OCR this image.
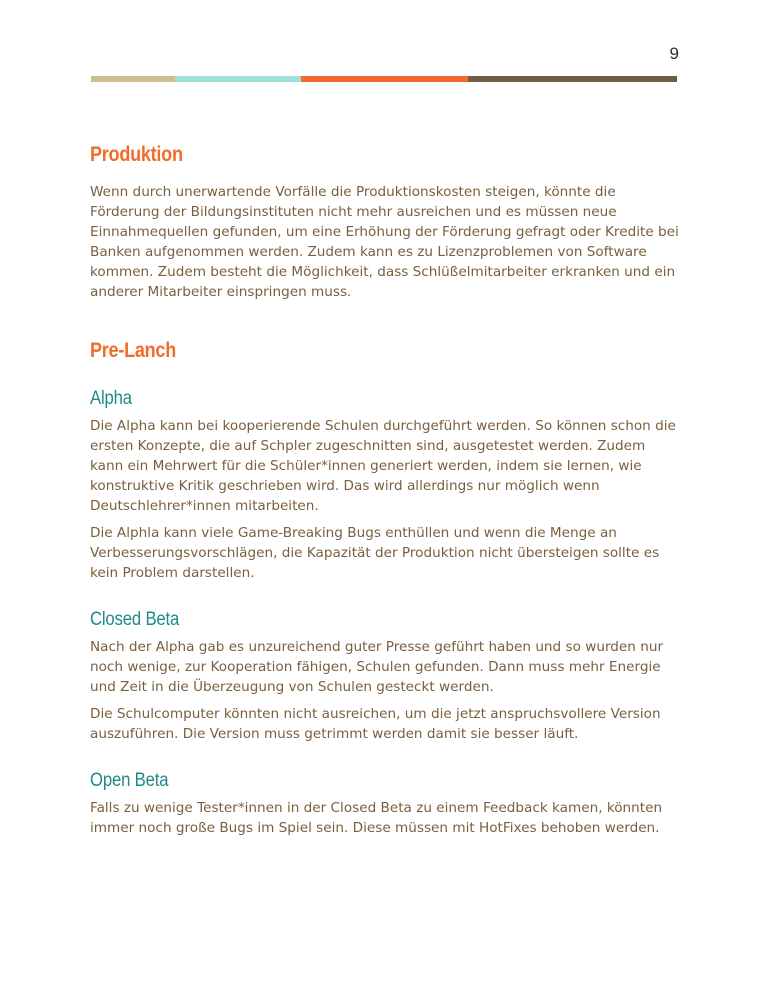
9
Produktion

Wenn durch unerwartende Vorfälle die Produktionskosten steigen, könnte die Förderung der Bildungsinstituten nicht mehr ausreichen und es müssen neue Einnahmequellen gefunden, um eine Erhöhung der Förderung gefragt oder Kredite bei Banken aufgenommen werden. Zudem kann es zu Lizenzproblemen von Software kommen. Zudem besteht die Möglichkeit, dass Schlüßelmitarbeiter erkranken und ein anderer Mitarbeiter einspringen muss.

Pre-Lanch
Alpha

Die Alpha kann bei kooperierende Schulen durchgeführt werden. So können schon die ersten Konzepte, die auf Schpler zugeschnitten sind, ausgetestet werden. Zudem kann ein Mehrwert für die Schüler*innen generiert werden, indem sie lernen, wie konstruktive Kritik geschrieben wird. Das wird allerdings nur möglich wenn Deutschlehrer*innen mitarbeiten.

Die Alphla kann viele Game-Breaking Bugs enthüllen und wenn die Menge an Verbesserungsvorschlägen, die Kapazität der Produktion nicht übersteigen sollte es kein Problem darstellen.

Closed Beta

Nach der Alpha gab es unzureichend guter Presse geführt haben und so wurden nur noch wenige, zur Kooperation fähigen, Schulen gefunden. Dann muss mehr Energie und Zeit in die Überzeugung von Schulen gesteckt werden.

Die Schulcomputer könnten nicht ausreichen, um die jetzt anspruchsvollere Version auszuführen. Die Version muss getrimmt werden damit sie besser läuft.

Open Beta

Falls zu wenige Tester*innen in der Closed Beta zu einem Feedback kamen, könnten immer noch große Bugs im Spiel sein. Diese müssen mit HotFixes behoben werden.
